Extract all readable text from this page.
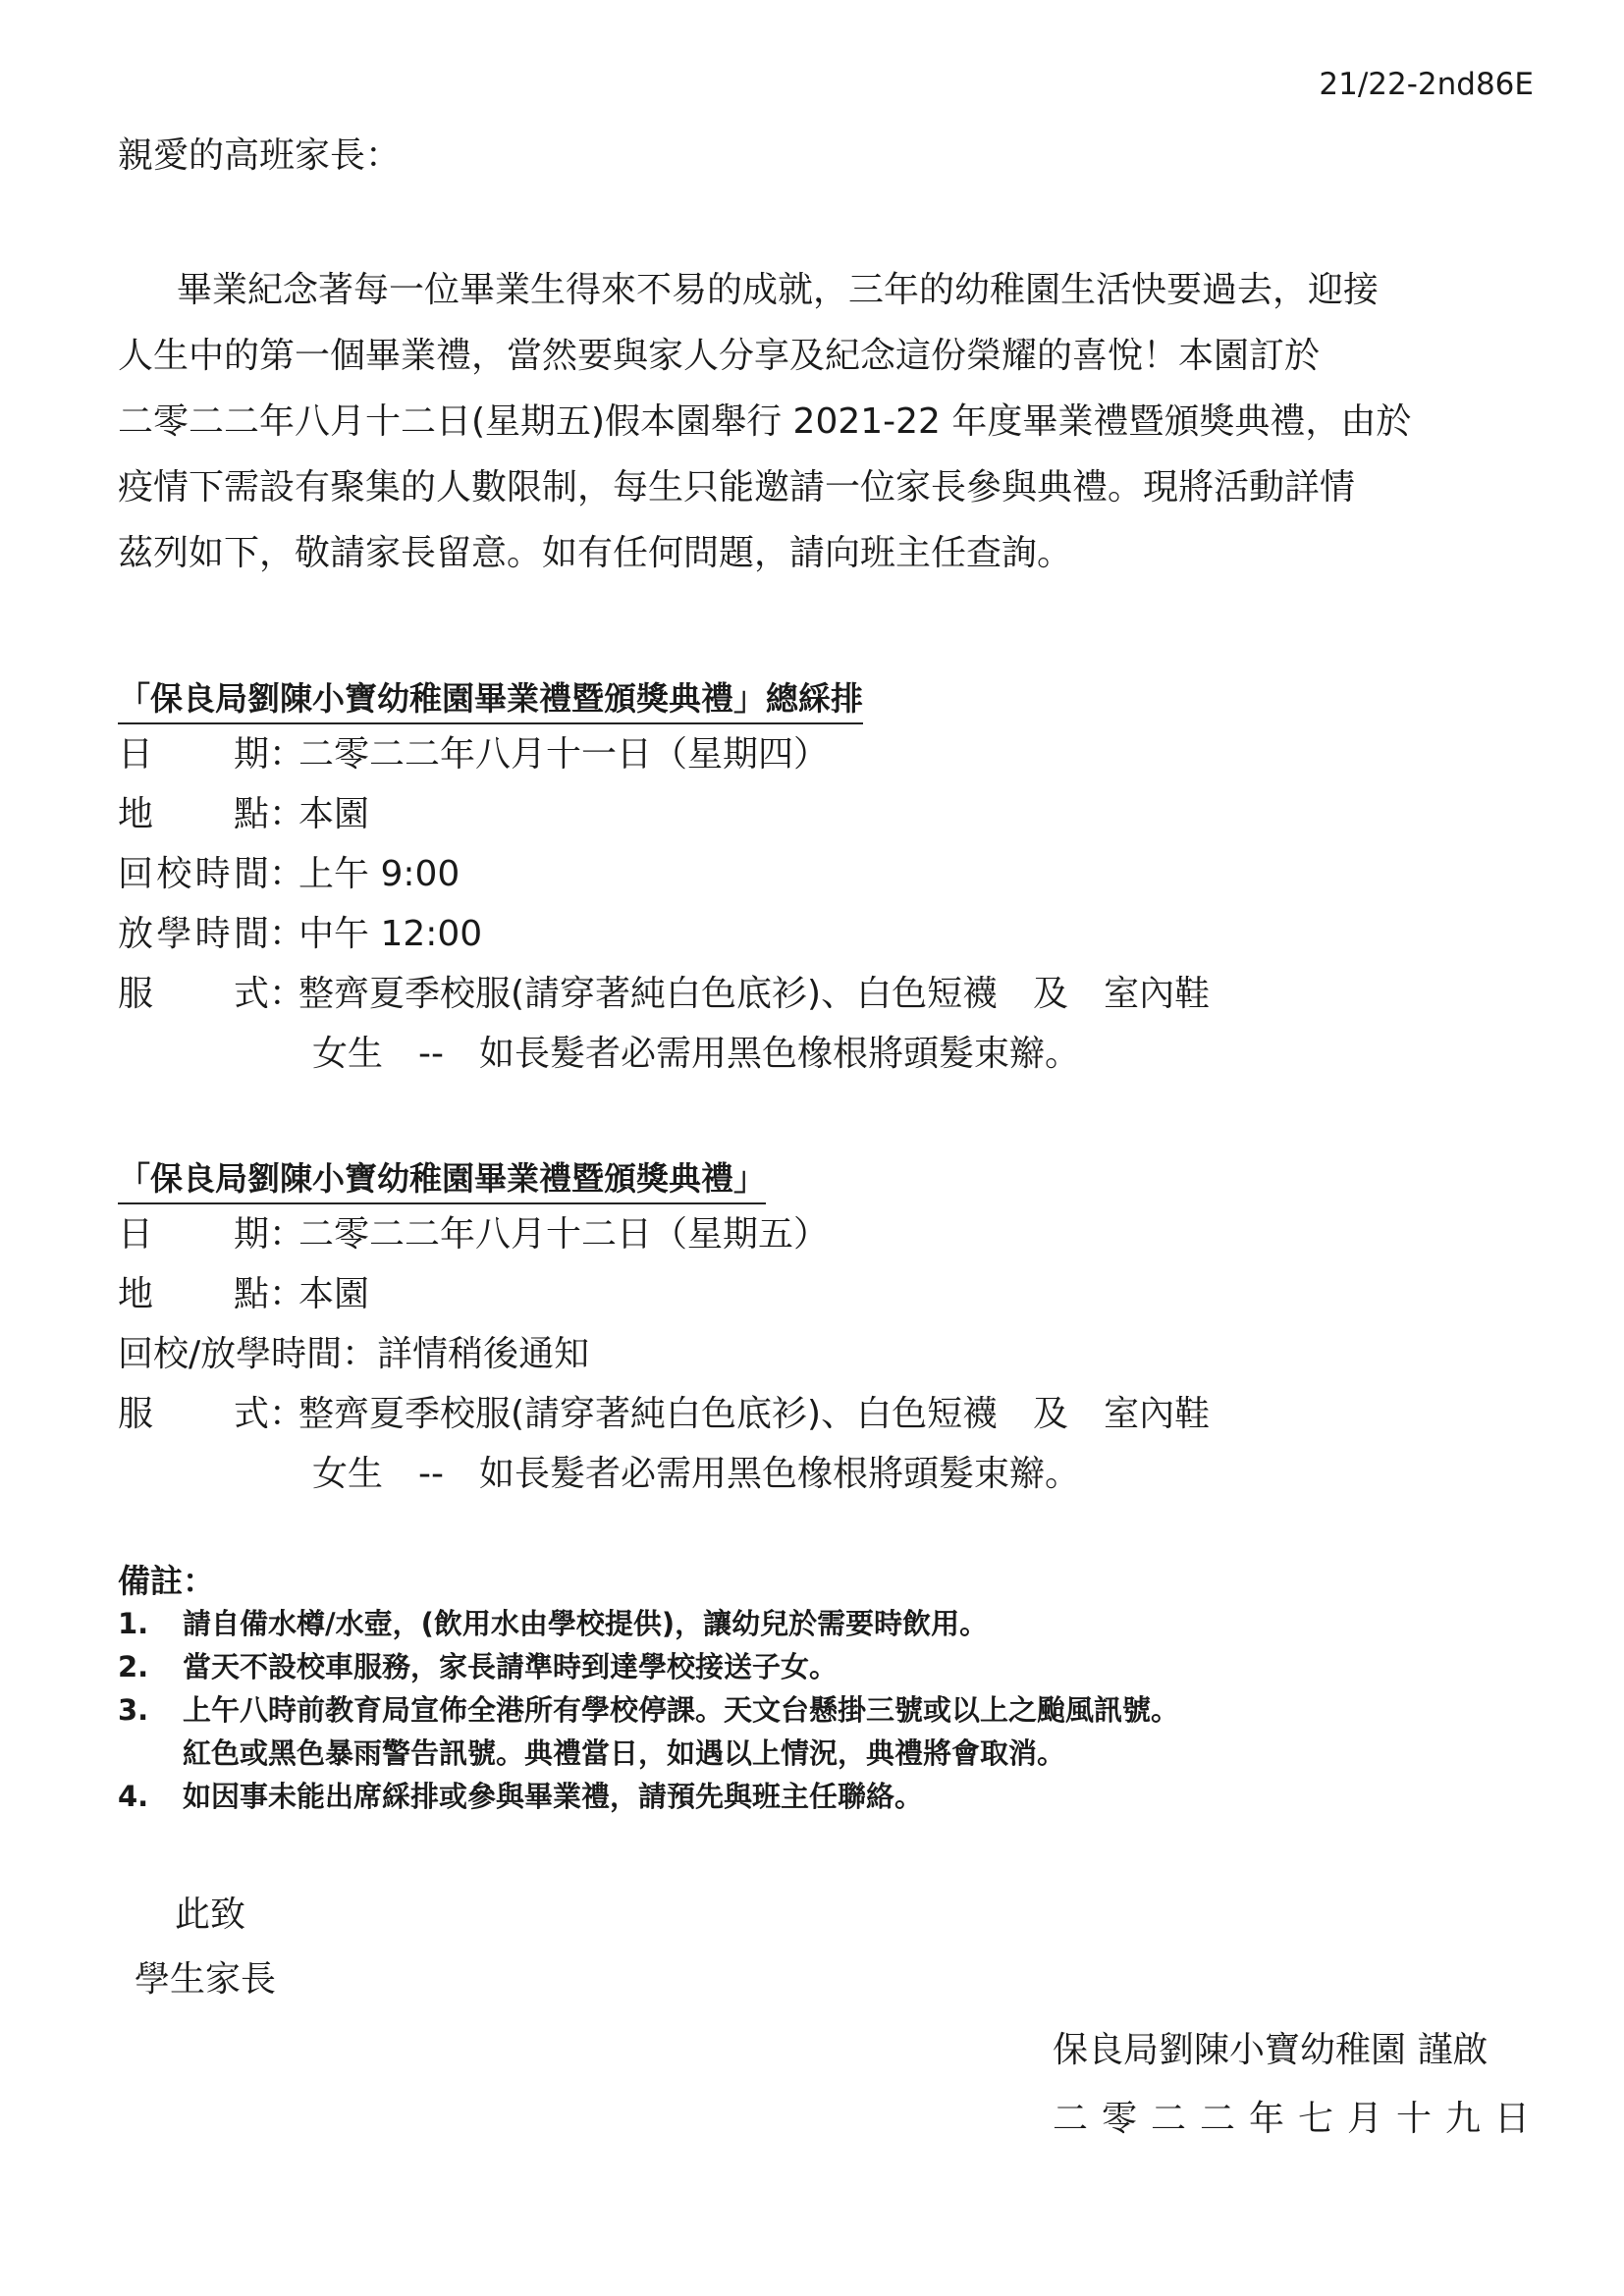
21/22-2nd86E
親愛的高班家長：
畢業紀念著每一位畢業生得來不易的成就，三年的幼稚園生活快要過去，迎接
人生中的第一個畢業禮，當然要與家人分享及紀念這份榮耀的喜悅！本園訂於
二零二二年八月十二日(星期五)假本園舉行 2021-22 年度畢業禮暨頒獎典禮，由於
疫情下需設有聚集的人數限制，每生只能邀請一位家長參與典禮。現將活動詳情
茲列如下，敬請家長留意。如有任何問題，請向班主任查詢。
「保良局劉陳小寶幼稚園畢業禮暨頒獎典禮」總綵排
日期：二零二二年八月十一日（星期四）
地點：本園
回校時間：上午 9:00
放學時間：中午 12:00
服式：整齊夏季校服(請穿著純白色底衫)、白色短襪　及　室內鞋
女生　--　如長髮者必需用黑色橡根將頭髮束辮。
「保良局劉陳小寶幼稚園畢業禮暨頒獎典禮」
日期：二零二二年八月十二日（星期五）
地點：本園
回校/放學時間：詳情稍後通知
服式：整齊夏季校服(請穿著純白色底衫)、白色短襪　及　室內鞋
女生　--　如長髮者必需用黑色橡根將頭髮束辮。
備註：
1. 請自備水樽/水壺，(飲用水由學校提供)，讓幼兒於需要時飲用。
2. 當天不設校車服務，家長請準時到達學校接送子女。
3. 上午八時前教育局宣佈全港所有學校停課。天文台懸掛三號或以上之颱風訊號。
紅色或黑色暴雨警告訊號。典禮當日，如遇以上情況，典禮將會取消。
4. 如因事未能出席綵排或參與畢業禮，請預先與班主任聯絡。
此致
學生家長
保良局劉陳小寶幼稚園 謹啟
二零二二年七月十九日
